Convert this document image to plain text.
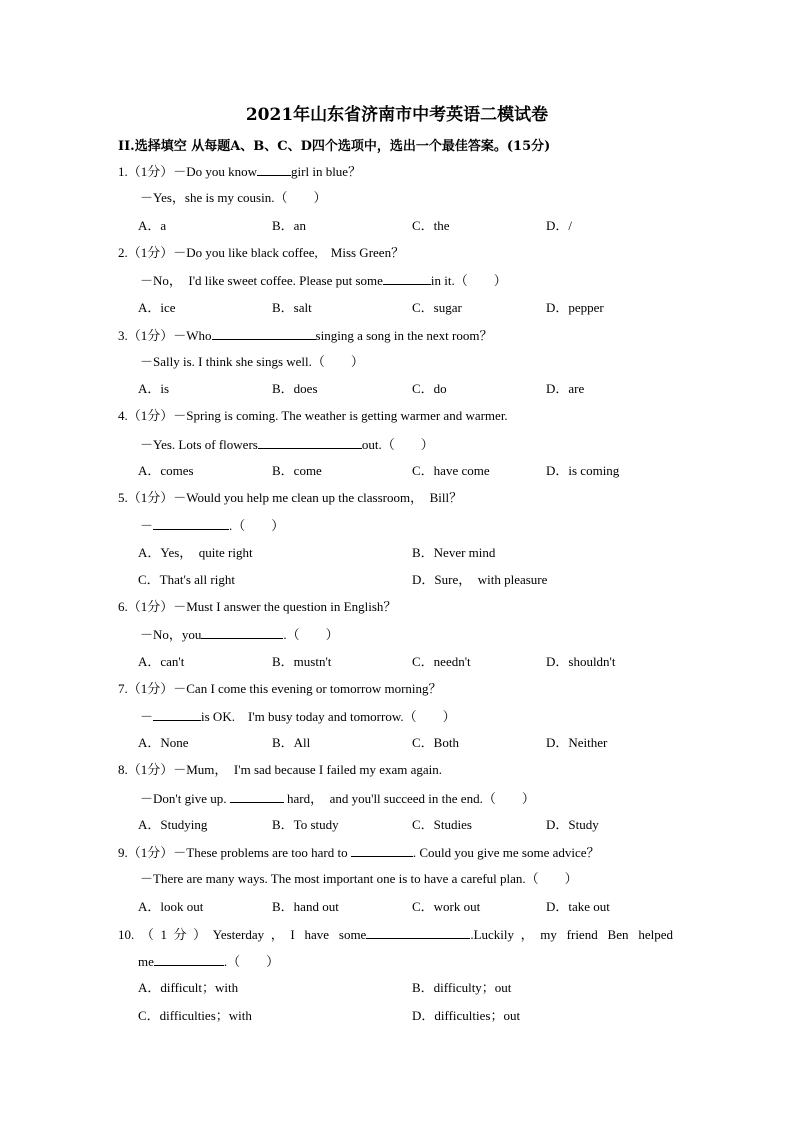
2021年山东省济南市中考英语二模试卷
II.选择填空 从每题A、B、C、D四个选项中，选出一个最佳答案。(15分)
1.（1分）－Do you know	girl in blue？
－Yes，she is my cousin.（　　）
A．a	B．an	C．the	D．/
2.（1分）－Do you like black coffee,　Miss Green？
－No，　I'd like sweet coffee. Please put some	in it.（　　）
A．ice	B．salt	C．sugar	D．pepper
3.（1分）－Who	singing a song in the next room？
－Sally is. I think she sings well.（　　）
A．is	B．does	C．do	D．are
4.（1分）－Spring is coming. The weather is getting warmer and warmer.
－Yes. Lots of flowers	out.（　　）
A．comes	B．come	C．have come	D．is coming
5.（1分）－Would you help me clean up the classroom，　Bill？
－	.（　　）
A．Yes，　quite right	B．Never mind
C．That's all right	D．Sure，　with pleasure
6.（1分）－Must I answer the question in English？
－No，you	.（　　）
A．can't	B．mustn't	C．needn't	D．shouldn't
7.（1分）－Can I come this evening or tomorrow morning？
－	is OK.　I'm busy today and tomorrow.（　　）
A．None	B．All	C．Both	D．Neither
8.（1分）－Mum，　I'm sad because I failed my exam again.
－Don't give up.	hard，　and you'll succeed in the end.（　　）
A．Studying	B．To study	C．Studies	D．Study
9.（1分）－These problems are too hard to	. Could you give me some advice？
－There are many ways. The most important one is to have a careful plan.（　　）
A．look out	B．hand out	C．work out	D．take out
10.（1分）Yesterday，I have some	.Luckily，my friend Ben helped
me	.（　　）
A．difficult；with	B．difficulty；out
C．difficulties；with	D．difficulties；out
